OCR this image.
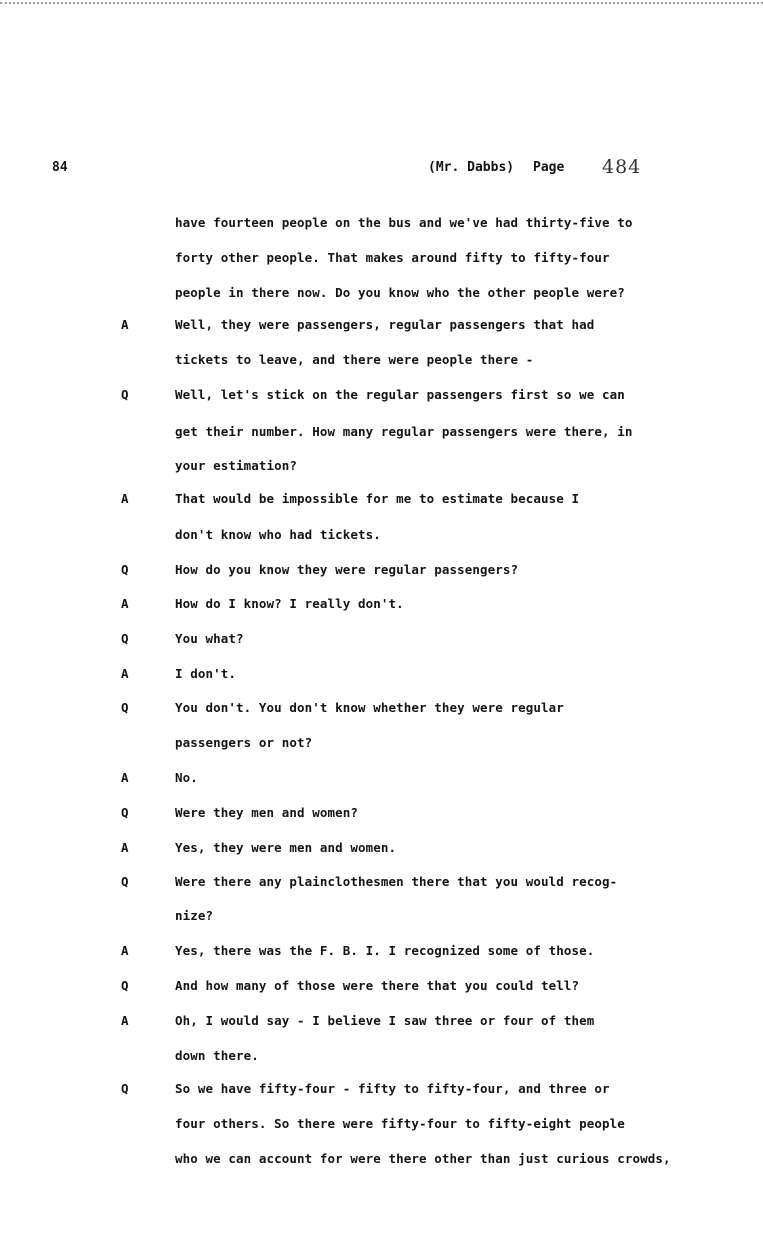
84	(Mr. Dabbs) Page 484
have fourteen people on the bus and we've had thirty-five to
forty other people. That makes around fifty to fifty-four
people in there now. Do you know who the other people were?
A	Well, they were passengers, regular passengers that had
tickets to leave, and there were people there -
Q	Well, let's stick on the regular passengers first so we can
get their number. How many regular passengers were there, in
your estimation?
A	That would be impossible for me to estimate because I
don't know who had tickets.
Q	How do you know they were regular passengers?
A	How do I know? I really don't.
Q	You what?
A	I don't.
Q	You don't. You don't know whether they were regular
passengers or not?
A	No.
Q	Were they men and women?
A	Yes, they were men and women.
Q	Were there any plainclothesmen there that you would recog-
nize?
A	Yes, there was the F. B. I. I recognized some of those.
Q	And how many of those were there that you could tell?
A	Oh, I would say - I believe I saw three or four of them
down there.
Q	So we have fifty-four - fifty to fifty-four, and three or
four others. So there were fifty-four to fifty-eight people
who we can account for were there other than just curious crowds,
